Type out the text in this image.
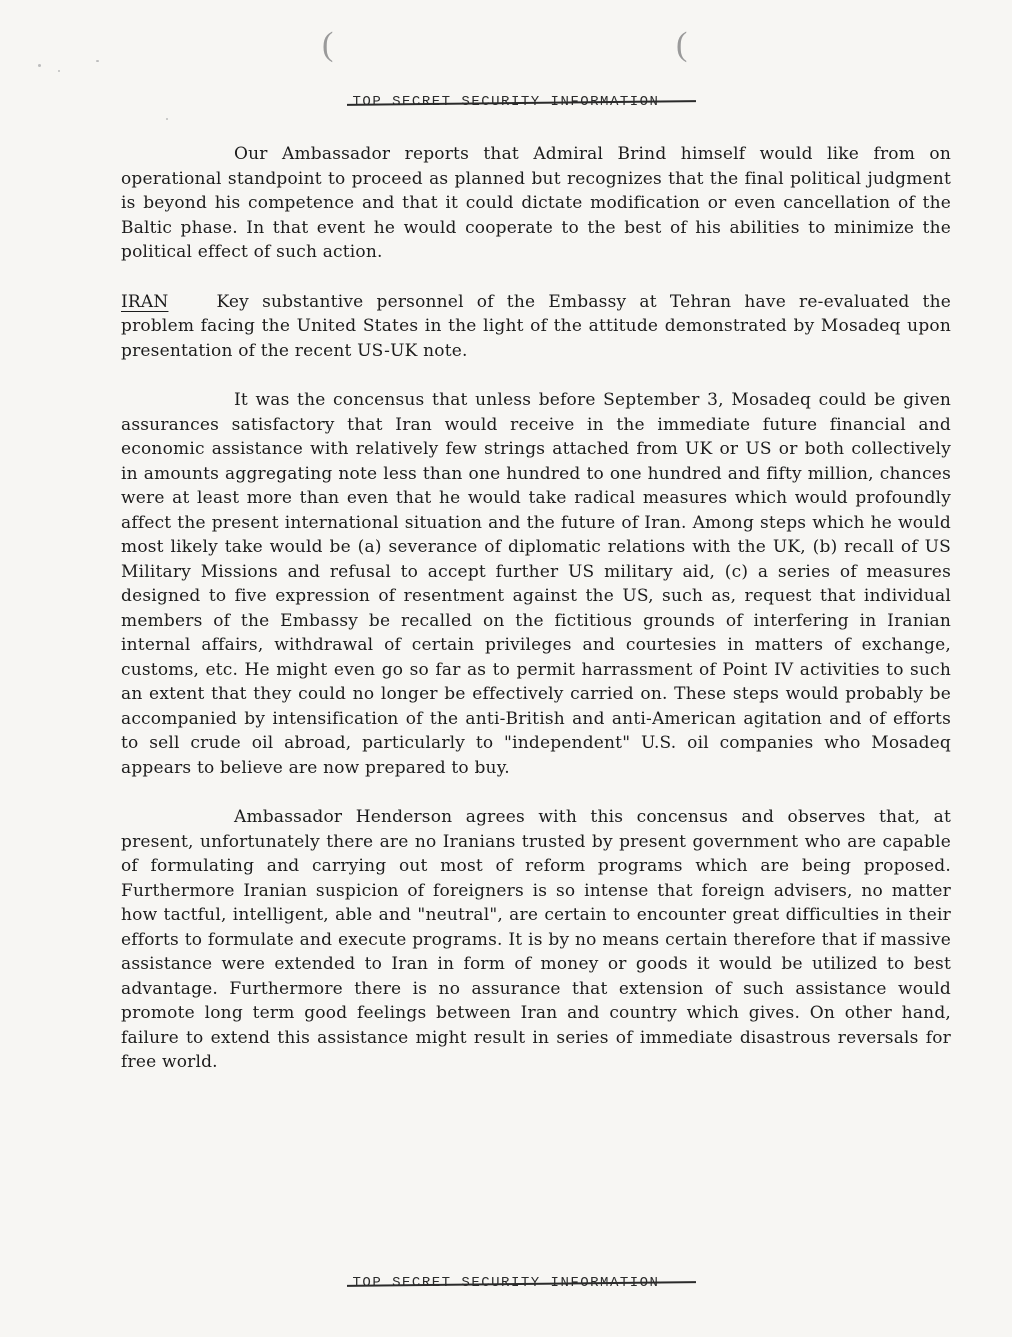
(	(
TOP SECRET SECURITY INFORMATION

Our Ambassador reports that Admiral Brind himself would like from on operational standpoint to proceed as planned but recognizes that the final political judgment is beyond his competence and that it could dictate modification or even cancellation of the Baltic phase. In that event he would cooperate to the best of his abilities to minimize the political effect of such action.

IRAN	Key substantive personnel of the Embassy at Tehran have re-evaluated the problem facing the United States in the light of the attitude demonstrated by Mosadeq upon presentation of the recent US-UK note.

It was the concensus that unless before September 3, Mosadeq could be given assurances satisfactory that Iran would receive in the immediate future financial and economic assistance with relatively few strings attached from UK or US or both collectively in amounts aggregating note less than one hundred to one hundred and fifty million, chances were at least more than even that he would take radical measures which would profoundly affect the present international situation and the future of Iran. Among steps which he would most likely take would be (a) severance of diplomatic relations with the UK, (b) recall of US Military Missions and refusal to accept further US military aid, (c) a series of measures designed to five expression of resentment against the US, such as, request that individual members of the Embassy be recalled on the fictitious grounds of interfering in Iranian internal affairs, withdrawal of certain privileges and courtesies in matters of exchange, customs, etc. He might even go so far as to permit harrassment of Point IV activities to such an extent that they could no longer be effectively carried on. These steps would probably be accompanied by intensification of the anti-British and anti-American agitation and of efforts to sell crude oil abroad, particularly to "independent" U.S. oil companies who Mosadeq appears to believe are now prepared to buy.

Ambassador Henderson agrees with this concensus and observes that, at present, unfortunately there are no Iranians trusted by present government who are capable of formulating and carrying out most of reform programs which are being proposed. Furthermore Iranian suspicion of foreigners is so intense that foreign advisers, no matter how tactful, intelligent, able and "neutral", are certain to encounter great difficulties in their efforts to formulate and execute programs. It is by no means certain therefore that if massive assistance were extended to Iran in form of money or goods it would be utilized to best advantage. Furthermore there is no assurance that extension of such assistance would promote long term good feelings between Iran and country which gives. On other hand, failure to extend this assistance might result in series of immediate disastrous reversals for free world.

TOP SECRET SECURITY INFORMATION
